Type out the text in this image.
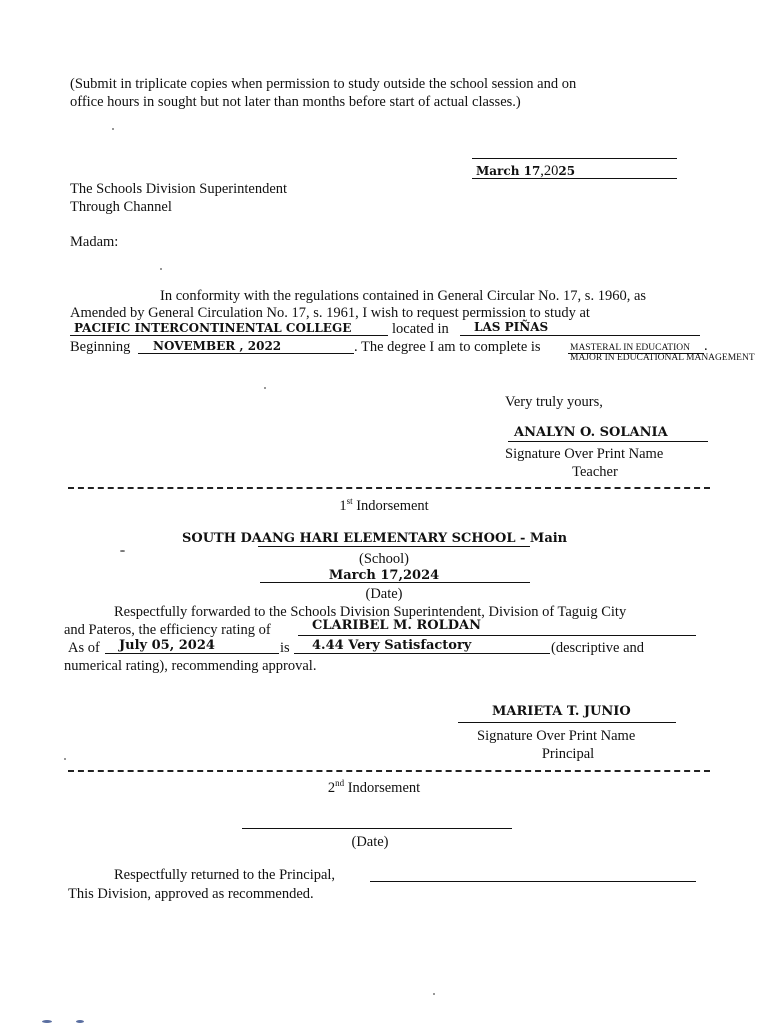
(Submit in triplicate copies when permission to study outside the school session and on
office hours in sought but not later than months before start of actual classes.)
March 17,2025
The Schools Division Superintendent
Through Channel
Madam:
In conformity with the regulations contained in General Circular No. 17, s. 1960, as
Amended by General Circulation No. 17, s. 1961, I wish to request permission to study at
PACIFIC INTERCONTINENTAL COLLEGE	located in LAS PIÑAS
Beginning NOVEMBER , 2022	. The degree I am to complete is	MASTERAL IN EDUCATION .
MAJOR IN EDUCATIONAL MANAGEMENT
Very truly yours,
ANALYN O. SOLANIA
Signature Over Print Name
Teacher
1st Indorsement
SOUTH DAANG HARI ELEMENTARY SCHOOL - Main
(School)
March 17,2024
(Date)
Respectfully forwarded to the Schools Division Superintendent, Division of Taguig City
and Pateros, the efficiency rating of	CLARIBEL M. ROLDAN
As of July 05, 2024	is 4.44 Very Satisfactory	(descriptive and
numerical rating), recommending approval.
MARIETA T. JUNIO
Signature Over Print Name
Principal
2nd Indorsement
(Date)
Respectfully returned to the Principal,
This Division, approved as recommended.
